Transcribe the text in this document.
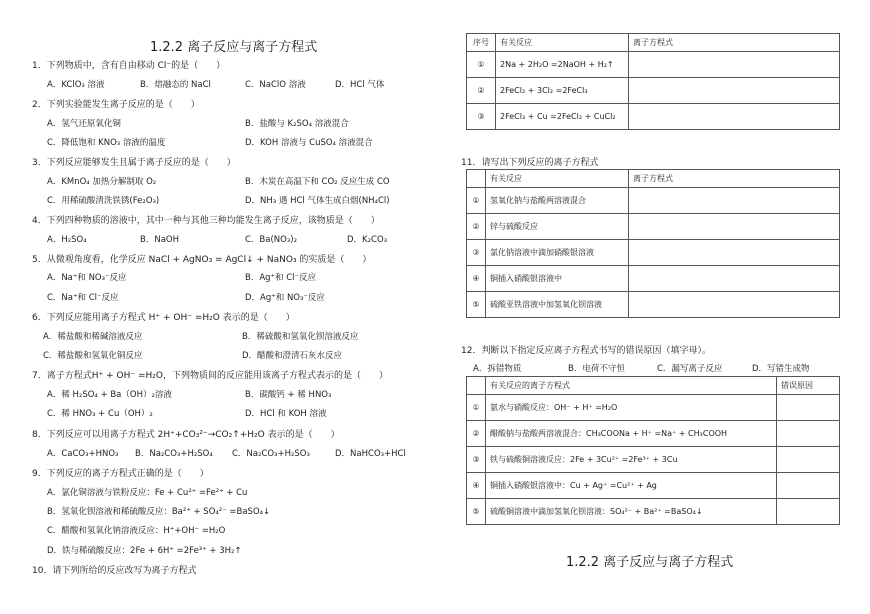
1.2.2 离子反应与离子方程式
1．下列物质中，含有自由移动 Cl⁻的是（　　）
A．KClO₃ 溶液	B．熔融态的 NaCl	C．NaClO 溶液	D．HCl 气体
2．下列实验能发生离子反应的是（　　）
A．氢气还原氧化铜	B．盐酸与 K₂SO₄ 溶液混合
C．降低饱和 KNO₃ 溶液的温度	D．KOH 溶液与 CuSO₄ 溶液混合
3．下列反应能够发生且属于离子反应的是（　　）
A．KMnO₄ 加热分解制取 O₂	B．木炭在高温下和 CO₂ 反应生成 CO
C．用稀硫酸清洗铁锈(Fe₂O₃)	D．NH₃ 遇 HCl 气体生成白烟(NH₄Cl)
4．下列四种物质的溶液中，其中一种与其他三种均能发生离子反应，该物质是（　　）
A．H₂SO₄	B．NaOH	C．Ba(NO₃)₂	D．K₂CO₃
5．从微观角度看，化学反应 NaCl + AgNO₃ = AgCl↓ + NaNO₃ 的实质是（　　）
A．Na⁺和 NO₃⁻反应	B．Ag⁺和 Cl⁻反应
C．Na⁺和 Cl⁻反应	D．Ag⁺和 NO₃⁻反应
6．下列反应能用离子方程式 H⁺ + OH⁻ =H₂O 表示的是（　　）
A．稀盐酸和稀碱溶液反应	B．稀硫酸和氢氧化钡溶液反应
C．稀盐酸和氢氧化铜反应	D．醋酸和澄清石灰水反应
7．离子方程式H⁺ + OH⁻ =H₂O，下列物质间的反应能用该离子方程式表示的是（　　）
A．稀 H₂SO₄ + Ba（OH）₂溶液	B．碳酸钙 + 稀 HNO₃
C．稀 HNO₃ + Cu（OH）₂	D．HCl 和 KOH 溶液
8．下列反应可以用离子方程式 2H⁺+CO₃²⁻→CO₂↑+H₂O 表示的是（　　）
A．CaCO₃+HNO₃ B．Na₂CO₃+H₂SO₄ C．Na₂CO₃+H₂SO₃	D．NaHCO₃+HCl
9．下列反应的离子方程式正确的是（　　）
A．氯化铜溶液与铁粉反应：Fe + Cu²⁺ =Fe²⁺ + Cu
B．氢氧化钡溶液和稀硫酸反应：Ba²⁺ + SO₄²⁻ =BaSO₄↓
C．醋酸和氢氧化钠溶液反应：H⁺+OH⁻ =H₂O
D．铁与稀硫酸反应：2Fe + 6H⁺ =2Fe³⁺ + 3H₂↑
10．请下列所给的反应改写为离子方程式
序号	有关反应	离子方程式
①	2Na + 2H₂O =2NaOH + H₂↑	
②	2FeCl₂ + 3Cl₂ =2FeCl₃	
③	2FeCl₃ + Cu =2FeCl₂ + CuCl₂	
11．请写出下列反应的离子方程式
	有关反应	离子方程式
①	氢氧化钠与盐酸两溶液混合	
②	锌与硫酸反应	
③	氯化钠溶液中滴加硝酸银溶液	
④	铜插入硝酸银溶液中	
⑤	硫酸亚铁溶液中加氢氧化钡溶液	
12．判断以下指定反应离子方程式书写的错误原因（填字母）。
A．拆错物质	B．电荷不守恒	C．漏写离子反应	D．写错生成物
	有关反应的离子方程式	错误原因
①	氨水与硝酸反应：OH⁻ + H⁺ =H₂O	
②	醋酸钠与盐酸两溶液混合：CH₃COONa + H⁺ =Na⁺ + CH₃COOH	
③	铁与硫酸铜溶液反应：2Fe + 3Cu²⁺ =2Fe³⁺ + 3Cu	
④	铜插入硝酸银溶液中：Cu + Ag⁺ =Cu²⁺ + Ag	
⑤	硫酸铜溶液中滴加氢氧化钡溶液：SO₄²⁻ + Ba²⁺ =BaSO₄↓	
1.2.2 离子反应与离子方程式
